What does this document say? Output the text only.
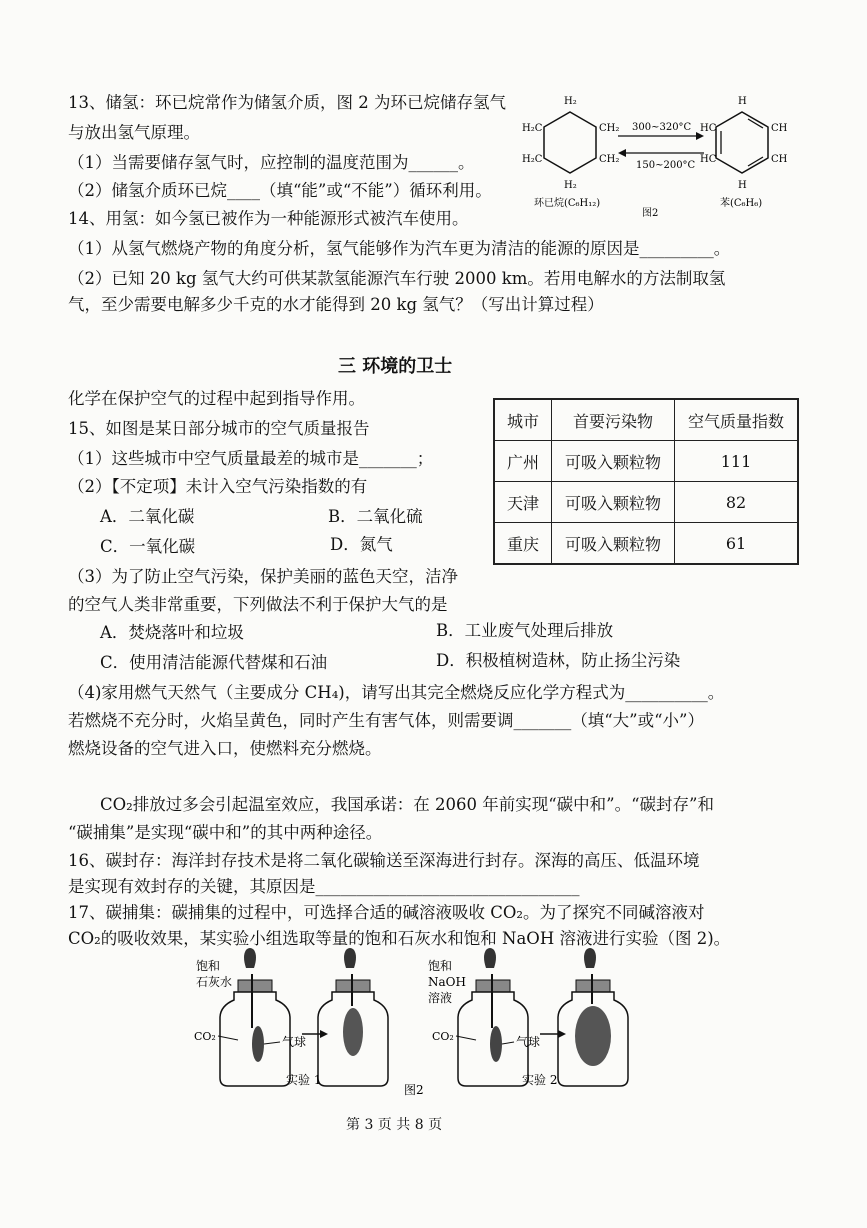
13、储氢：环已烷常作为储氢介质，图 2 为环已烷储存氢气
与放出氢气原理。
（1）当需要储存氢气时，应控制的温度范围为______。
（2）储氢介质环已烷____（填“能”或“不能”）循环利用。
H₂
CH₂
CH₂
H₂C
H₂C
H₂
环已烷(C₆H₁₂)
300~320°C
150~200°C
H
CH
CH
HC
HC
H
苯(C₆H₆)
图2
14、用氢：如今氢已被作为一种能源形式被汽车使用。
（1）从氢气燃烧产物的角度分析，氢气能够作为汽车更为清洁的能源的原因是_________。
（2）已知 20 kg 氢气大约可供某款氢能源汽车行驶 2000 km。若用电解水的方法制取氢
气，至少需要电解多少千克的水才能得到 20 kg 氢气？（写出计算过程）
三 环境的卫士
化学在保护空气的过程中起到指导作用。
15、如图是某日部分城市的空气质量报告
（1）这些城市中空气质量最差的城市是_______；
（2）【不定项】未计入空气污染指数的有
A．二氧化碳	B．二氧化硫
C．一氧化碳	D．氮气
（3）为了防止空气污染，保护美丽的蓝色天空，洁净
的空气人类非常重要，下列做法不利于保护大气的是
A．焚烧落叶和垃圾	B．工业废气处理后排放
C．使用清洁能源代替煤和石油	D．积极植树造林，防止扬尘污染
（4)家用燃气天然气（主要成分 CH₄)，请写出其完全燃烧反应化学方程式为__________。
若燃烧不充分时，火焰呈黄色，同时产生有害气体，则需要调_______（填“大”或“小”）
燃烧设备的空气进入口，使燃料充分燃烧。
城市	首要污染物	空气质量指数
广州	可吸入颗粒物	111
天津	可吸入颗粒物	82
重庆	可吸入颗粒物	61
CO₂排放过多会引起温室效应，我国承诺：在 2060 年前实现“碳中和”。“碳封存”和
“碳捕集”是实现“碳中和”的其中两种途径。
16、碳封存：海洋封存技术是将二氧化碳输送至深海进行封存。深海的高压、低温环境
是实现有效封存的关键，其原因是________________________________
17、碳捕集：碳捕集的过程中，可选择合适的碱溶液吸收 CO₂。为了探究不同碱溶液对
CO₂的吸收效果，某实验小组选取等量的饱和石灰水和饱和 NaOH 溶液进行实验（图 2)。
饱和
石灰水
CO₂	气球
实验 1
饱和
NaOH
溶液
CO₂	气球
实验 2
图2
第 3 页 共 8 页
